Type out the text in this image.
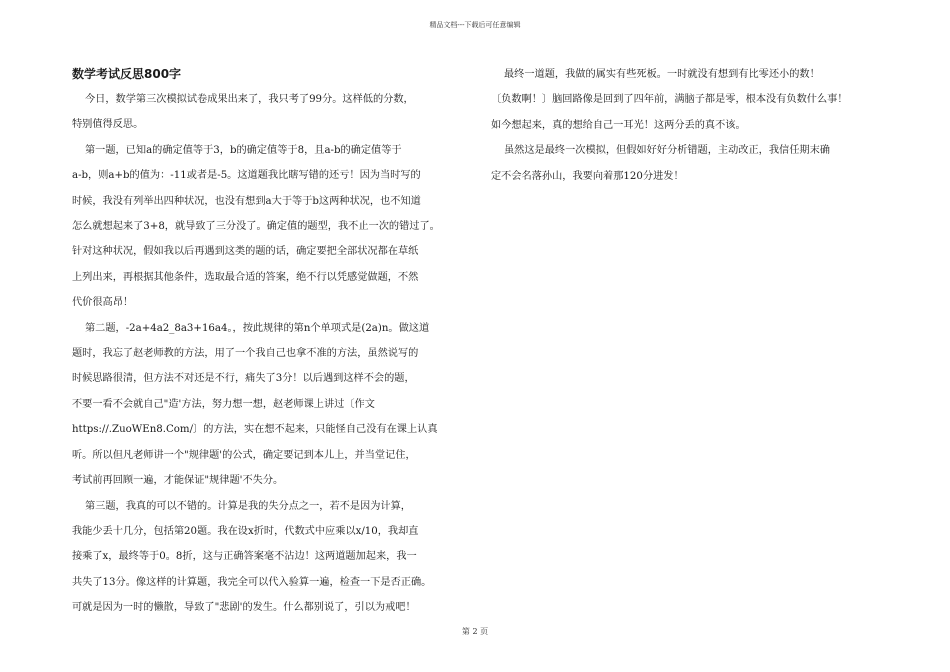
精品文档---下载后可任意编辑
数学考试反思800字
今日，数学第三次模拟试卷成果出来了，我只考了99分。这样低的分数，
特别值得反思。
第一题，已知a的确定值等于3，b的确定值等于8，且a-b的确定值等于
a-b，则a+b的值为：-11或者是-5。这道题我比瞎写错的还亏！因为当时写的
时候，我没有列举出四种状况，也没有想到a大于等于b这两种状况，也不知道
怎么就想起来了3+8，就导致了三分没了。确定值的题型，我不止一次的错过了。
针对这种状况，假如我以后再遇到这类的题的话，确定要把全部状况都在草纸
上列出来，再根据其他条件，选取最合适的答案，绝不行以凭感觉做题，不然
代价很高昂！
第二题，-2a+4a2_8a3+16a4。，按此规律的第n个单项式是(2a)n。做这道
题时，我忘了赵老师教的方法，用了一个我自己也拿不准的方法，虽然说写的
时候思路很清，但方法不对还是不行，痛失了3分！以后遇到这样不会的题，
不要一看不会就自己"造'方法，努力想一想，赵老师课上讲过〔作文
https://.ZuoWEn8.Com/〕的方法，实在想不起来，只能怪自己没有在课上认真
听。所以但凡老师讲一个"规律题'的公式，确定要记到本儿上，并当堂记住，
考试前再回顾一遍，才能保证"规律题'不失分。
第三题，我真的可以不错的。计算是我的失分点之一，若不是因为计算，
我能少丢十几分，包括第20题。我在设x折时，代数式中应乘以x/10，我却直
接乘了x，最终等于0。8折，这与正确答案毫不沾边！这两道题加起来，我一
共失了13分。像这样的计算题，我完全可以代入验算一遍，检查一下是否正确。
可就是因为一时的懒散，导致了"悲剧'的发生。什么都别说了，引以为戒吧！
最终一道题，我做的属实有些死板。一时就没有想到有比零还小的数！
〔负数啊！〕脑回路像是回到了四年前，满脑子都是零，根本没有负数什么事！
如今想起来，真的想给自己一耳光！这两分丢的真不该。
虽然这是最终一次模拟，但假如好好分析错题，主动改正，我信任期末确
定不会名落孙山，我要向着那120分进发！
第 2 页
